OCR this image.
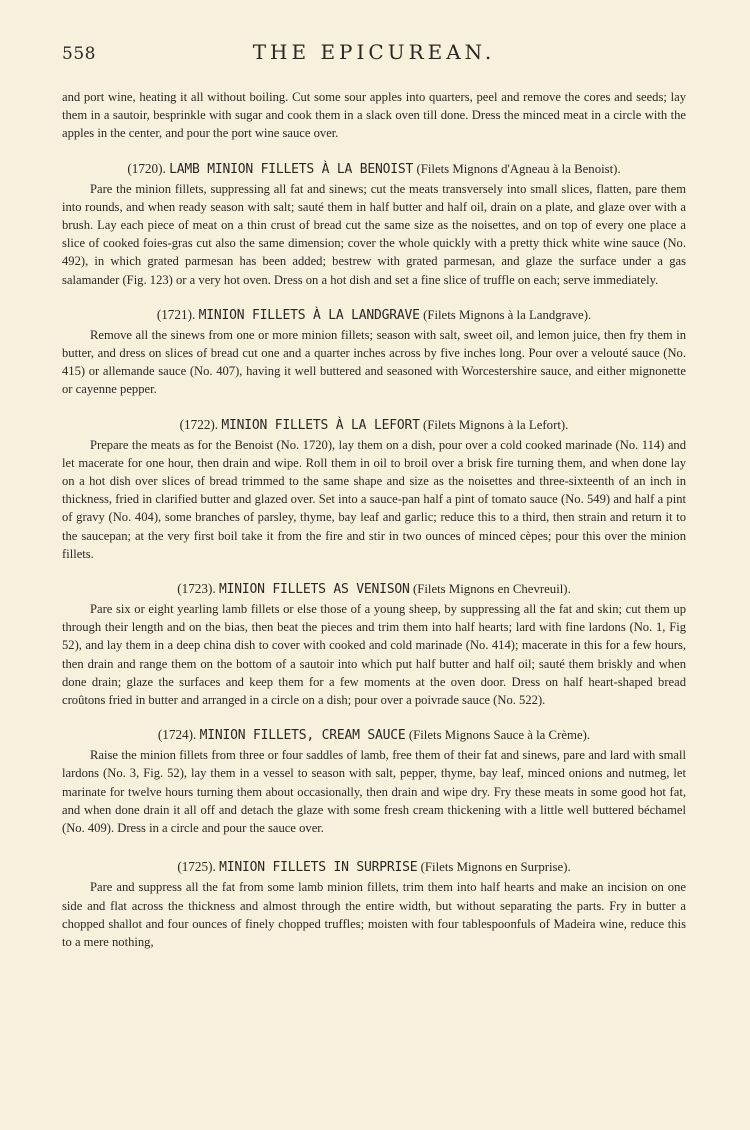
558	THE EPICUREAN.

and port wine, heating it all without boiling. Cut some sour apples into quarters, peel and remove the cores and seeds; lay them in a sautoir, besprinkle with sugar and cook them in a slack oven till done. Dress the minced meat in a circle with the apples in the center, and pour the port wine sauce over.

(1720). LAMB MINION FILLETS À LA BENOIST (Filets Mignons d'Agneau à la Benoist).

Pare the minion fillets, suppressing all fat and sinews; cut the meats transversely into small slices, flatten, pare them into rounds, and when ready season with salt; sauté them in half butter and half oil, drain on a plate, and glaze over with a brush. Lay each piece of meat on a thin crust of bread cut the same size as the noisettes, and on top of every one place a slice of cooked foies-gras cut also the same dimension; cover the whole quickly with a pretty thick white wine sauce (No. 492), in which grated parmesan has been added; bestrew with grated parmesan, and glaze the surface under a gas salamander (Fig. 123) or a very hot oven. Dress on a hot dish and set a fine slice of truffle on each; serve immediately.

(1721). MINION FILLETS À LA LANDGRAVE (Filets Mignons à la Landgrave).

Remove all the sinews from one or more minion fillets; season with salt, sweet oil, and lemon juice, then fry them in butter, and dress on slices of bread cut one and a quarter inches across by five inches long. Pour over a velouté sauce (No. 415) or allemande sauce (No. 407), having it well buttered and seasoned with Worcestershire sauce, and either mignonette or cayenne pepper.

(1722). MINION FILLETS À LA LEFORT (Filets Mignons à la Lefort).

Prepare the meats as for the Benoist (No. 1720), lay them on a dish, pour over a cold cooked marinade (No. 114) and let macerate for one hour, then drain and wipe. Roll them in oil to broil over a brisk fire turning them, and when done lay on a hot dish over slices of bread trimmed to the same shape and size as the noisettes and three-sixteenth of an inch in thickness, fried in clarified butter and glazed over. Set into a sauce-pan half a pint of tomato sauce (No. 549) and half a pint of gravy (No. 404), some branches of parsley, thyme, bay leaf and garlic; reduce this to a third, then strain and return it to the saucepan; at the very first boil take it from the fire and stir in two ounces of minced cèpes; pour this over the minion fillets.

(1723). MINION FILLETS AS VENISON (Filets Mignons en Chevreuil).

Pare six or eight yearling lamb fillets or else those of a young sheep, by suppressing all the fat and skin; cut them up through their length and on the bias, then beat the pieces and trim them into half hearts; lard with fine lardons (No. 1, Fig 52), and lay them in a deep china dish to cover with cooked and cold marinade (No. 414); macerate in this for a few hours, then drain and range them on the bottom of a sautoir into which put half butter and half oil; sauté them briskly and when done drain; glaze the surfaces and keep them for a few moments at the oven door. Dress on half heart-shaped bread croûtons fried in butter and arranged in a circle on a dish; pour over a poivrade sauce (No. 522).

(1724). MINION FILLETS, CREAM SAUCE (Filets Mignons Sauce à la Crème).

Raise the minion fillets from three or four saddles of lamb, free them of their fat and sinews, pare and lard with small lardons (No. 3, Fig. 52), lay them in a vessel to season with salt, pepper, thyme, bay leaf, minced onions and nutmeg, let marinate for twelve hours turning them about occasionally, then drain and wipe dry. Fry these meats in some good hot fat, and when done drain it all off and detach the glaze with some fresh cream thickening with a little well buttered béchamel (No. 409). Dress in a circle and pour the sauce over.

(1725). MINION FILLETS IN SURPRISE (Filets Mignons en Surprise).

Pare and suppress all the fat from some lamb minion fillets, trim them into half hearts and make an incision on one side and flat across the thickness and almost through the entire width, but without separating the parts. Fry in butter a chopped shallot and four ounces of finely chopped truffles; moisten with four tablespoonfuls of Madeira wine, reduce this to a mere nothing,
